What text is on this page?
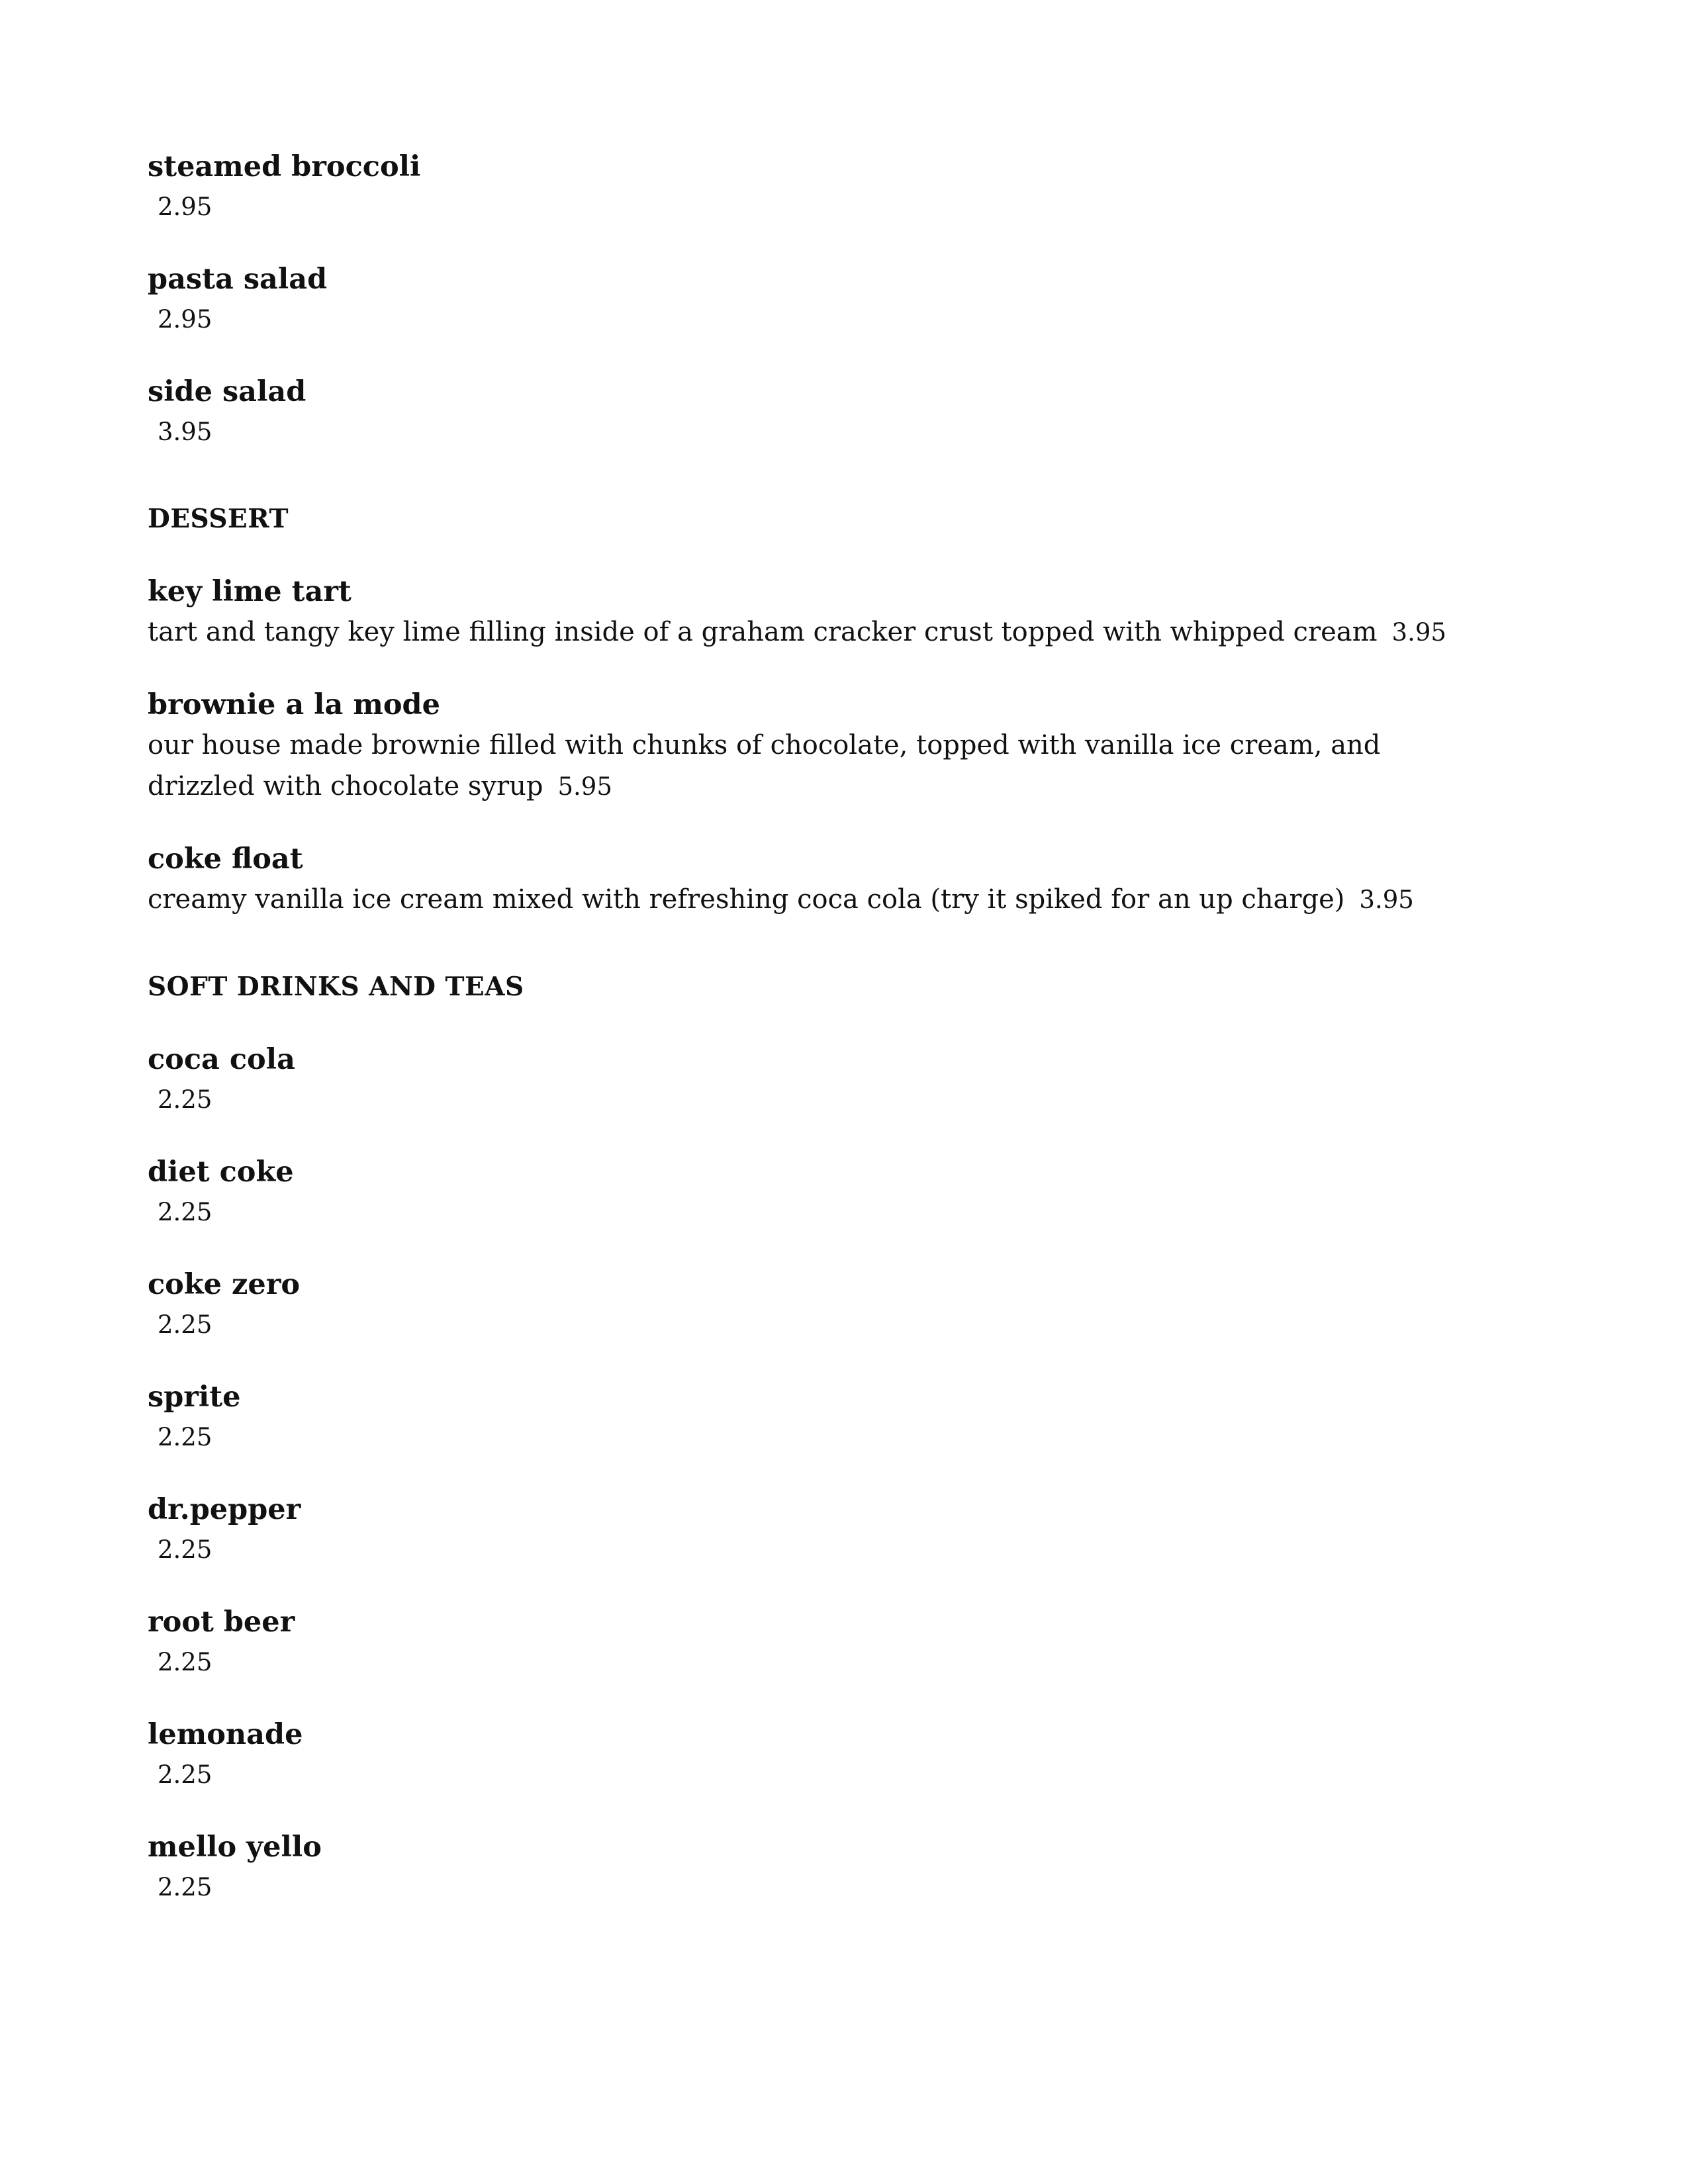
steamed broccoli

2.95

pasta salad

2.95

side salad

3.95

DESSERT

key lime tart

tart and tangy key lime filling inside of a graham cracker crust topped with whipped cream 3.95

brownie a la mode

our house made brownie filled with chunks of chocolate, topped with vanilla ice cream, and drizzled with chocolate syrup 5.95

coke float

creamy vanilla ice cream mixed with refreshing coca cola (try it spiked for an up charge) 3.95

SOFT DRINKS AND TEAS

coca cola

2.25

diet coke

2.25

coke zero

2.25

sprite

2.25

dr.pepper

2.25

root beer

2.25

lemonade

2.25

mello yello

2.25
